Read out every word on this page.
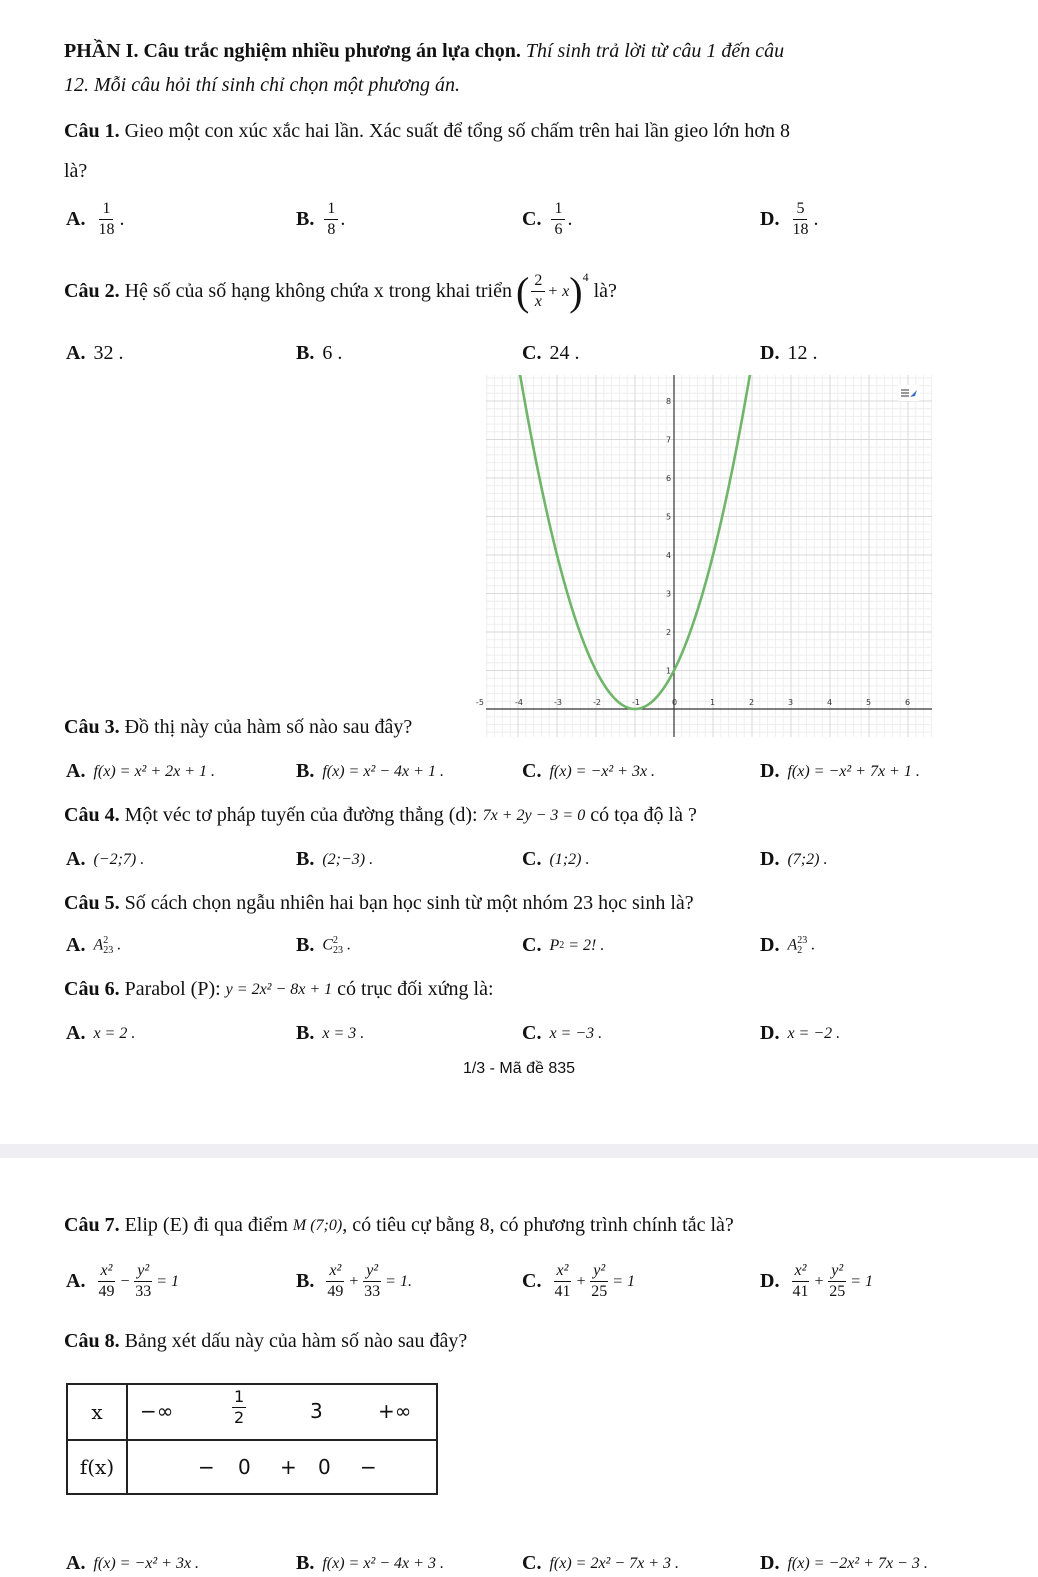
PHẦN I. Câu trắc nghiệm nhiều phương án lựa chọn. Thí sinh trả lời từ câu 1 đến câu
12. Mỗi câu hỏi thí sinh chỉ chọn một phương án.
Câu 1. Gieo một con xúc xắc hai lần. Xác suất để tổng số chấm trên hai lần gieo lớn hơn 8
là?
A. $\frac{1}{18}$ .	B. $\frac{1}{8}$ .	C. $\frac{1}{6}$ .	D. $\frac{5}{18}$ .
Câu 2.
Hệ số của số hạng không chứa x trong khai triển ( $\frac{2}{x} + x$ ) 4

là?
A. 32 .	B. 6 .	C. 24 .	D. 12 .
-5	-4	-3	-2	-1	0	1	2	3	4	5	6
1
2
3
4
5
6
7
8
Câu 3. Đồ thị này của hàm số nào sau đây?
A. f(x) = x² + 2x + 1 .	B. f(x) = x² − 4x + 1 .	C. f(x) = −x² + 3x .	D. f(x) = −x² + 7x + 1 .
Câu 4.
Một véc tơ pháp tuyến của đường thẳng (d):
7x + 2y − 3 = 0
có tọa độ là ?
A. (−2;7) .	B. (2;−3) .	C. (1;2) .	D. (7;2) .
Câu 5. Số cách chọn ngẫu nhiên hai bạn học sinh từ một nhóm 23 học sinh là?
A. A 2
23 .	B. C 2
23 .	C. P 2 = 2! .	D. A 23
2 .
Câu 6.
Parabol (P):
y = 2x² − 8x + 1
có trục đối xứng là:
A. x = 2 .	B. x = 3 .	C. x = −3 .	D. x = −2 .
1/3 - Mã đề 835
Câu 7.
Elip (E) đi qua điểm
M (7;0) , có tiêu cự bằng 8, có phương trình chính tắc là?
A. $\frac{\text{x²}}{49} - \frac{\text{y²}}{33} = 1$	B. $\frac{\text{x²}}{49} + \frac{\text{y²}}{33} = 1$.	C. $\frac{\text{x²}}{41} + \frac{\text{y²}}{25} = 1$	D. $\frac{\text{x²}}{41} + \frac{\text{y²}}{25} = 1$
Câu 8. Bảng xét dấu này của hàm số nào sau đây?
x	−∞ $\frac{1}{2} 3$ +∞

f(x)	− 0 + 0 −
A. f(x) = −x² + 3x .	B. f(x) = x² − 4x + 3 .	C. f(x) = 2x² − 7x + 3 .	D. f(x) = −2x² + 7x − 3 .
